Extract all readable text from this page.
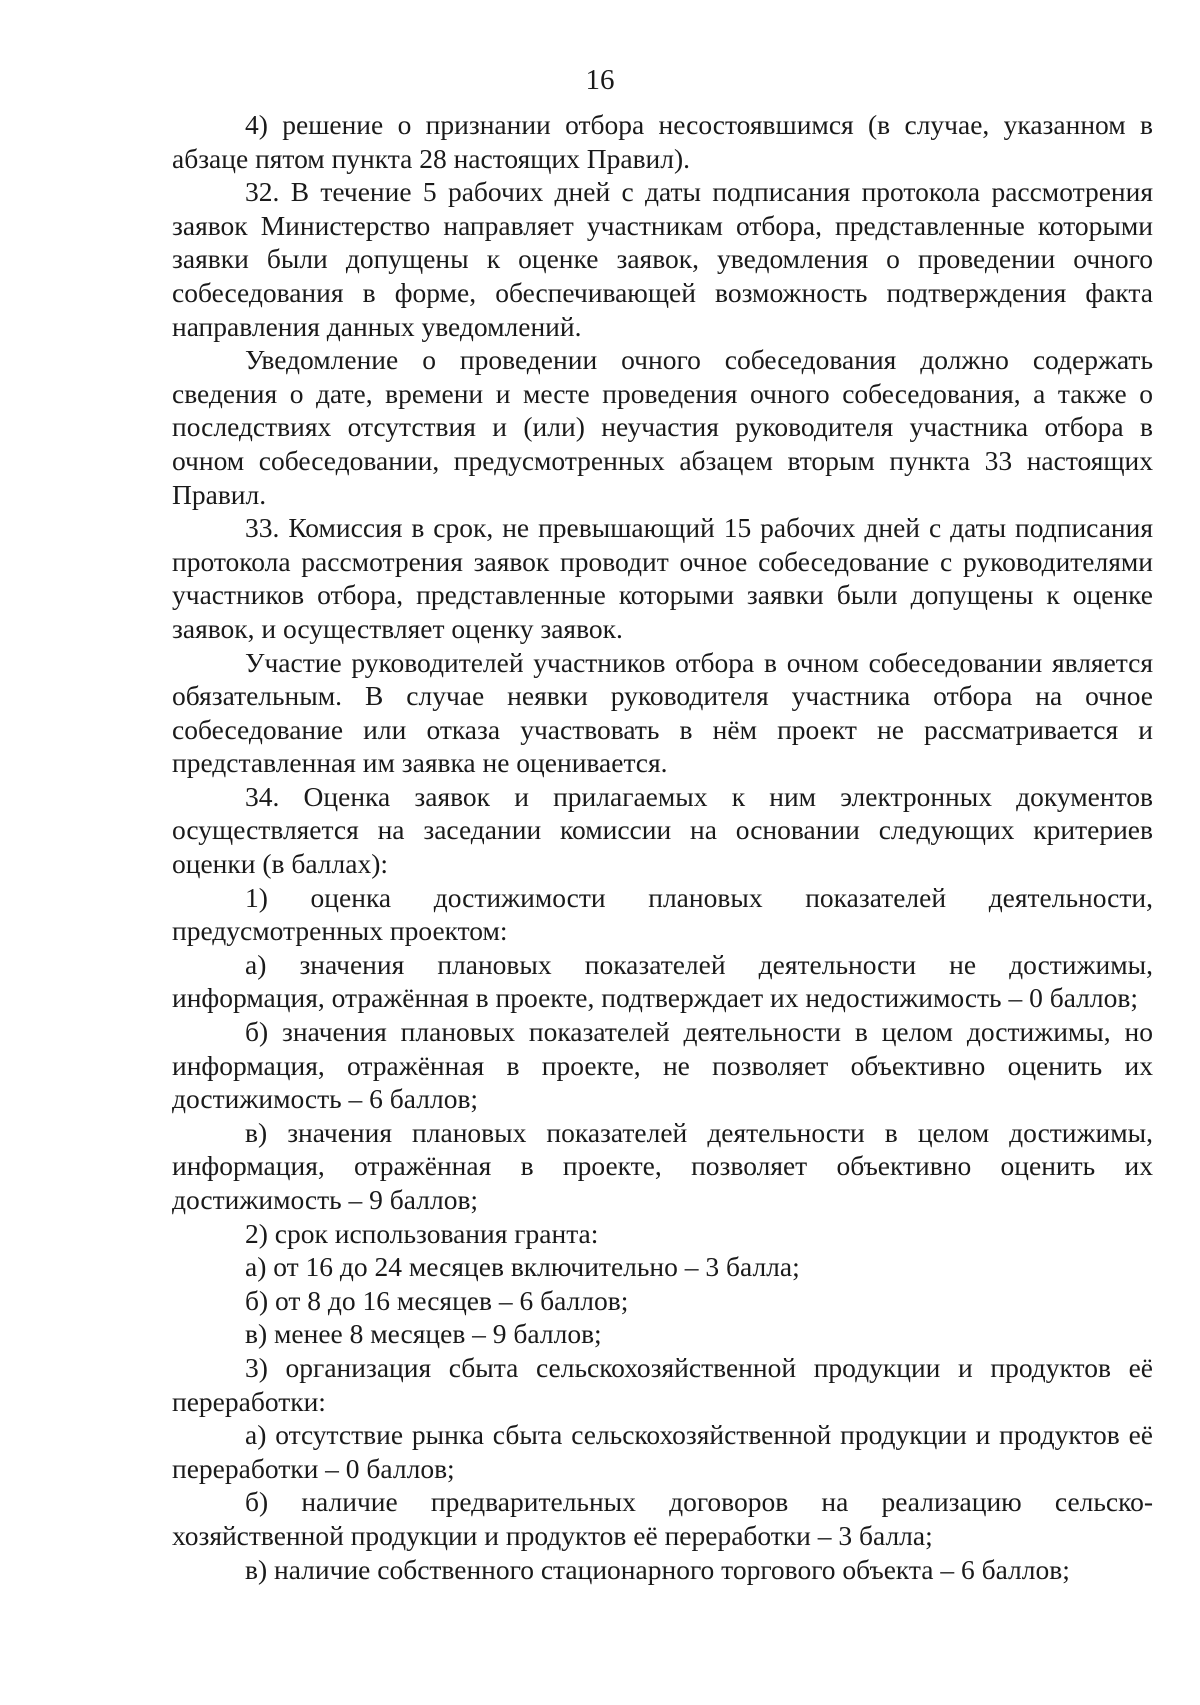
16

4) решение о признании отбора несостоявшимся (в случае, указанном в абзаце пятом пункта 28 настоящих Правил).

32. В течение 5 рабочих дней с даты подписания протокола рассмотрения заявок Министерство направляет участникам отбора, представленные которыми заявки были допущены к оценке заявок, уведомления о проведении очного собеседования в форме, обеспечивающей возможность подтверждения факта направления данных уведомлений.

Уведомление о проведении очного собеседования должно содержать сведения о дате, времени и месте проведения очного собеседования, а также о последствиях отсутствия и (или) неучастия руководителя участника отбора в очном собеседовании, предусмотренных абзацем вторым пункта 33 настоящих Правил.

33. Комиссия в срок, не превышающий 15 рабочих дней с даты подписания протокола рассмотрения заявок проводит очное собеседование с руководителями участников отбора, представленные которыми заявки были допущены к оценке заявок, и осуществляет оценку заявок.

Участие руководителей участников отбора в очном собеседовании является обязательным. В случае неявки руководителя участника отбора на очное собеседование или отказа участвовать в нём проект не рассматривается и представленная им заявка не оценивается.

34. Оценка заявок и прилагаемых к ним электронных документов осуществляется на заседании комиссии на основании следующих критериев оценки (в баллах):

1) оценка достижимости плановых показателей деятельности, предусмотренных проектом:

а) значения плановых показателей деятельности не достижимы, информация, отражённая в проекте, подтверждает их недостижимость – 0 баллов;

б) значения плановых показателей деятельности в целом достижимы, но информация, отражённая в проекте, не позволяет объективно оценить их достижимость – 6 баллов;

в) значения плановых показателей деятельности в целом достижимы, информация, отражённая в проекте, позволяет объективно оценить их достижимость – 9 баллов;

2) срок использования гранта:

а) от 16 до 24 месяцев включительно – 3 балла;

б) от 8 до 16 месяцев – 6 баллов;

в) менее 8 месяцев – 9 баллов;

3) организация сбыта сельскохозяйственной продукции и продуктов её переработки:

а) отсутствие рынка сбыта сельскохозяйственной продукции и продуктов её переработки – 0 баллов;

б) наличие предварительных договоров на реализацию сельско-хозяйственной продукции и продуктов её переработки – 3 балла;

в) наличие собственного стационарного торгового объекта – 6 баллов;
